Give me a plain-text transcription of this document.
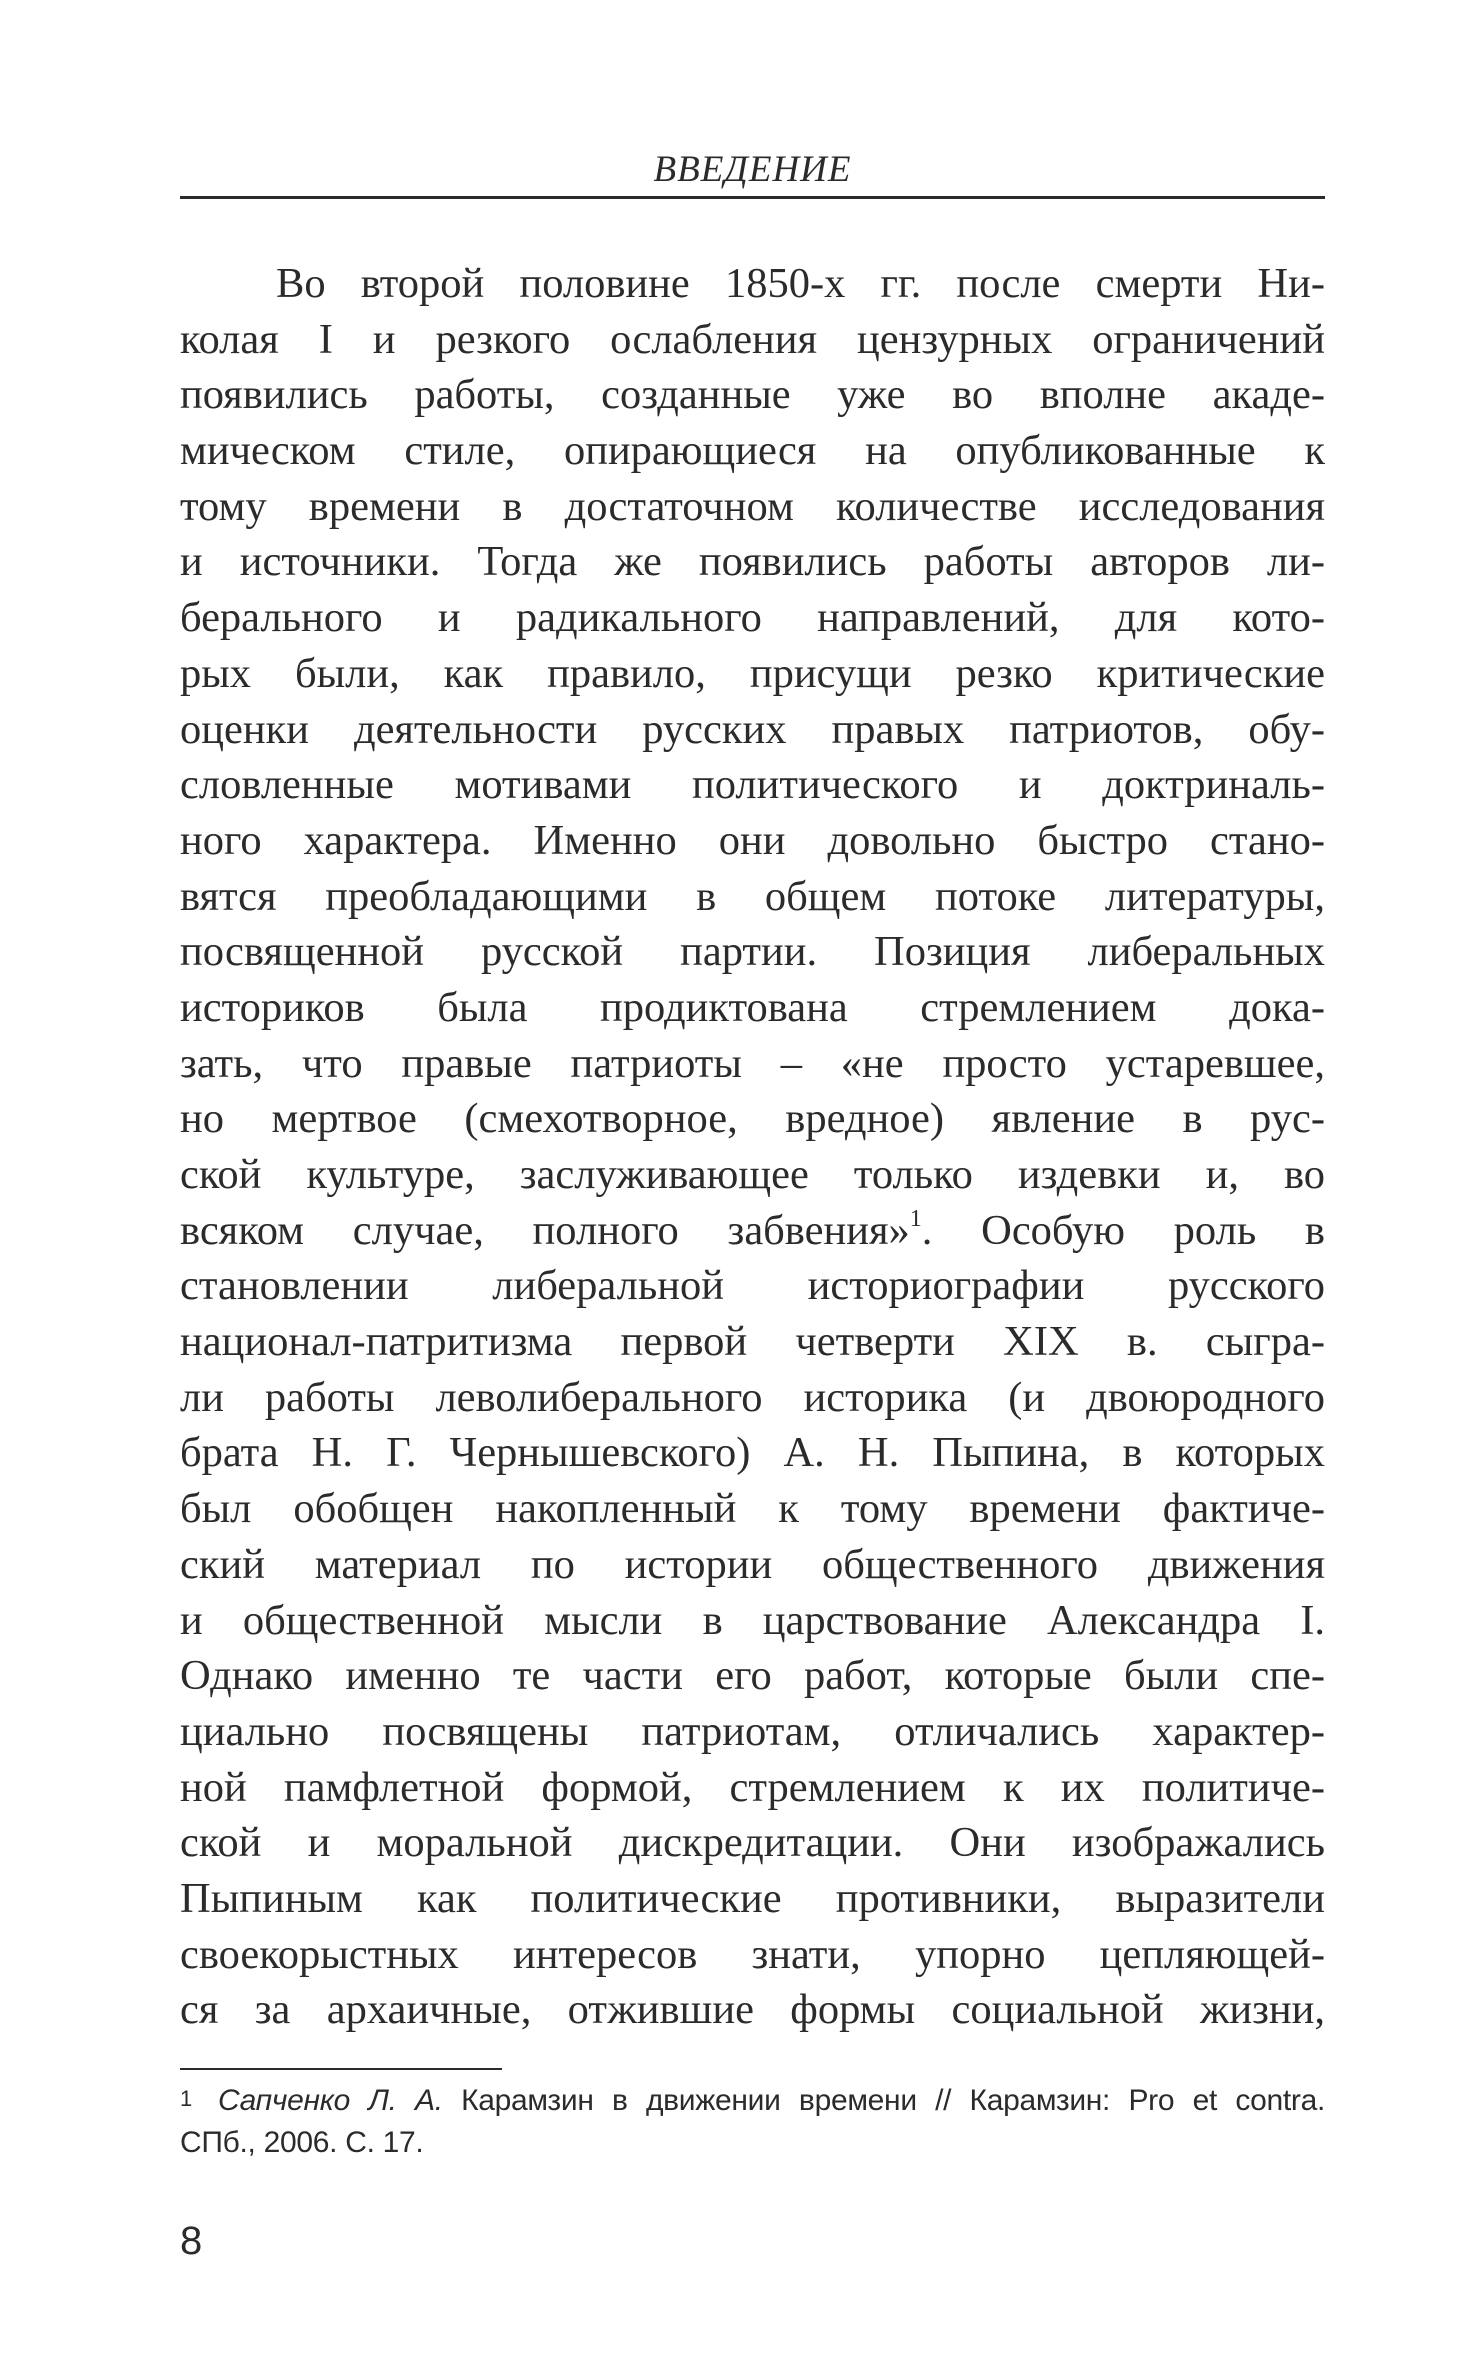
ВВЕДЕНИЕ
Во второй половине 1850-х гг. после смерти Ни-
колая I и резкого ослабления цензурных ограничений
появились работы, созданные уже во вполне акаде-
мическом стиле, опирающиеся на опубликованные к
тому времени в достаточном количестве исследования
и источники. Тогда же появились работы авторов ли-
берального и радикального направлений, для кото-
рых были, как правило, присущи резко критические
оценки деятельности русских правых патриотов, обу-
словленные мотивами политического и доктриналь-
ного характера. Именно они довольно быстро стано-
вятся преобладающими в общем потоке литературы,
посвященной русской партии. Позиция либеральных
историков была продиктована стремлением дока-
зать, что правые патриоты – «не просто устаревшее,
но мертвое (смехотворное, вредное) явление в рус-
ской культуре, заслуживающее только издевки и, во
всяком случае, полного забвения»$^1$. Особую роль в
становлении либеральной историографии русского
национал-патритизма первой четверти XIX в. сыгра-
ли работы леволиберального историка (и двоюродного
брата Н. Г. Чернышевского) А. Н. Пыпина, в которых
был обобщен накопленный к тому времени фактиче-
ский материал по истории общественного движения
и общественной мысли в царствование Александра I.
Однако именно те части его работ, которые были спе-
циально посвящены патриотам, отличались характер-
ной памфлетной формой, стремлением к их политиче-
ской и моральной дискредитации. Они изображались
Пыпиным как политические противники, выразители
своекорыстных интересов знати, упорно цепляющей-
ся за архаичные, отжившие формы социальной жизни,
$^1$ Сапченко Л. А. Карамзин в движении времени // Карамзин: Pro et contra.
СПб., 2006. С. 17.
8
